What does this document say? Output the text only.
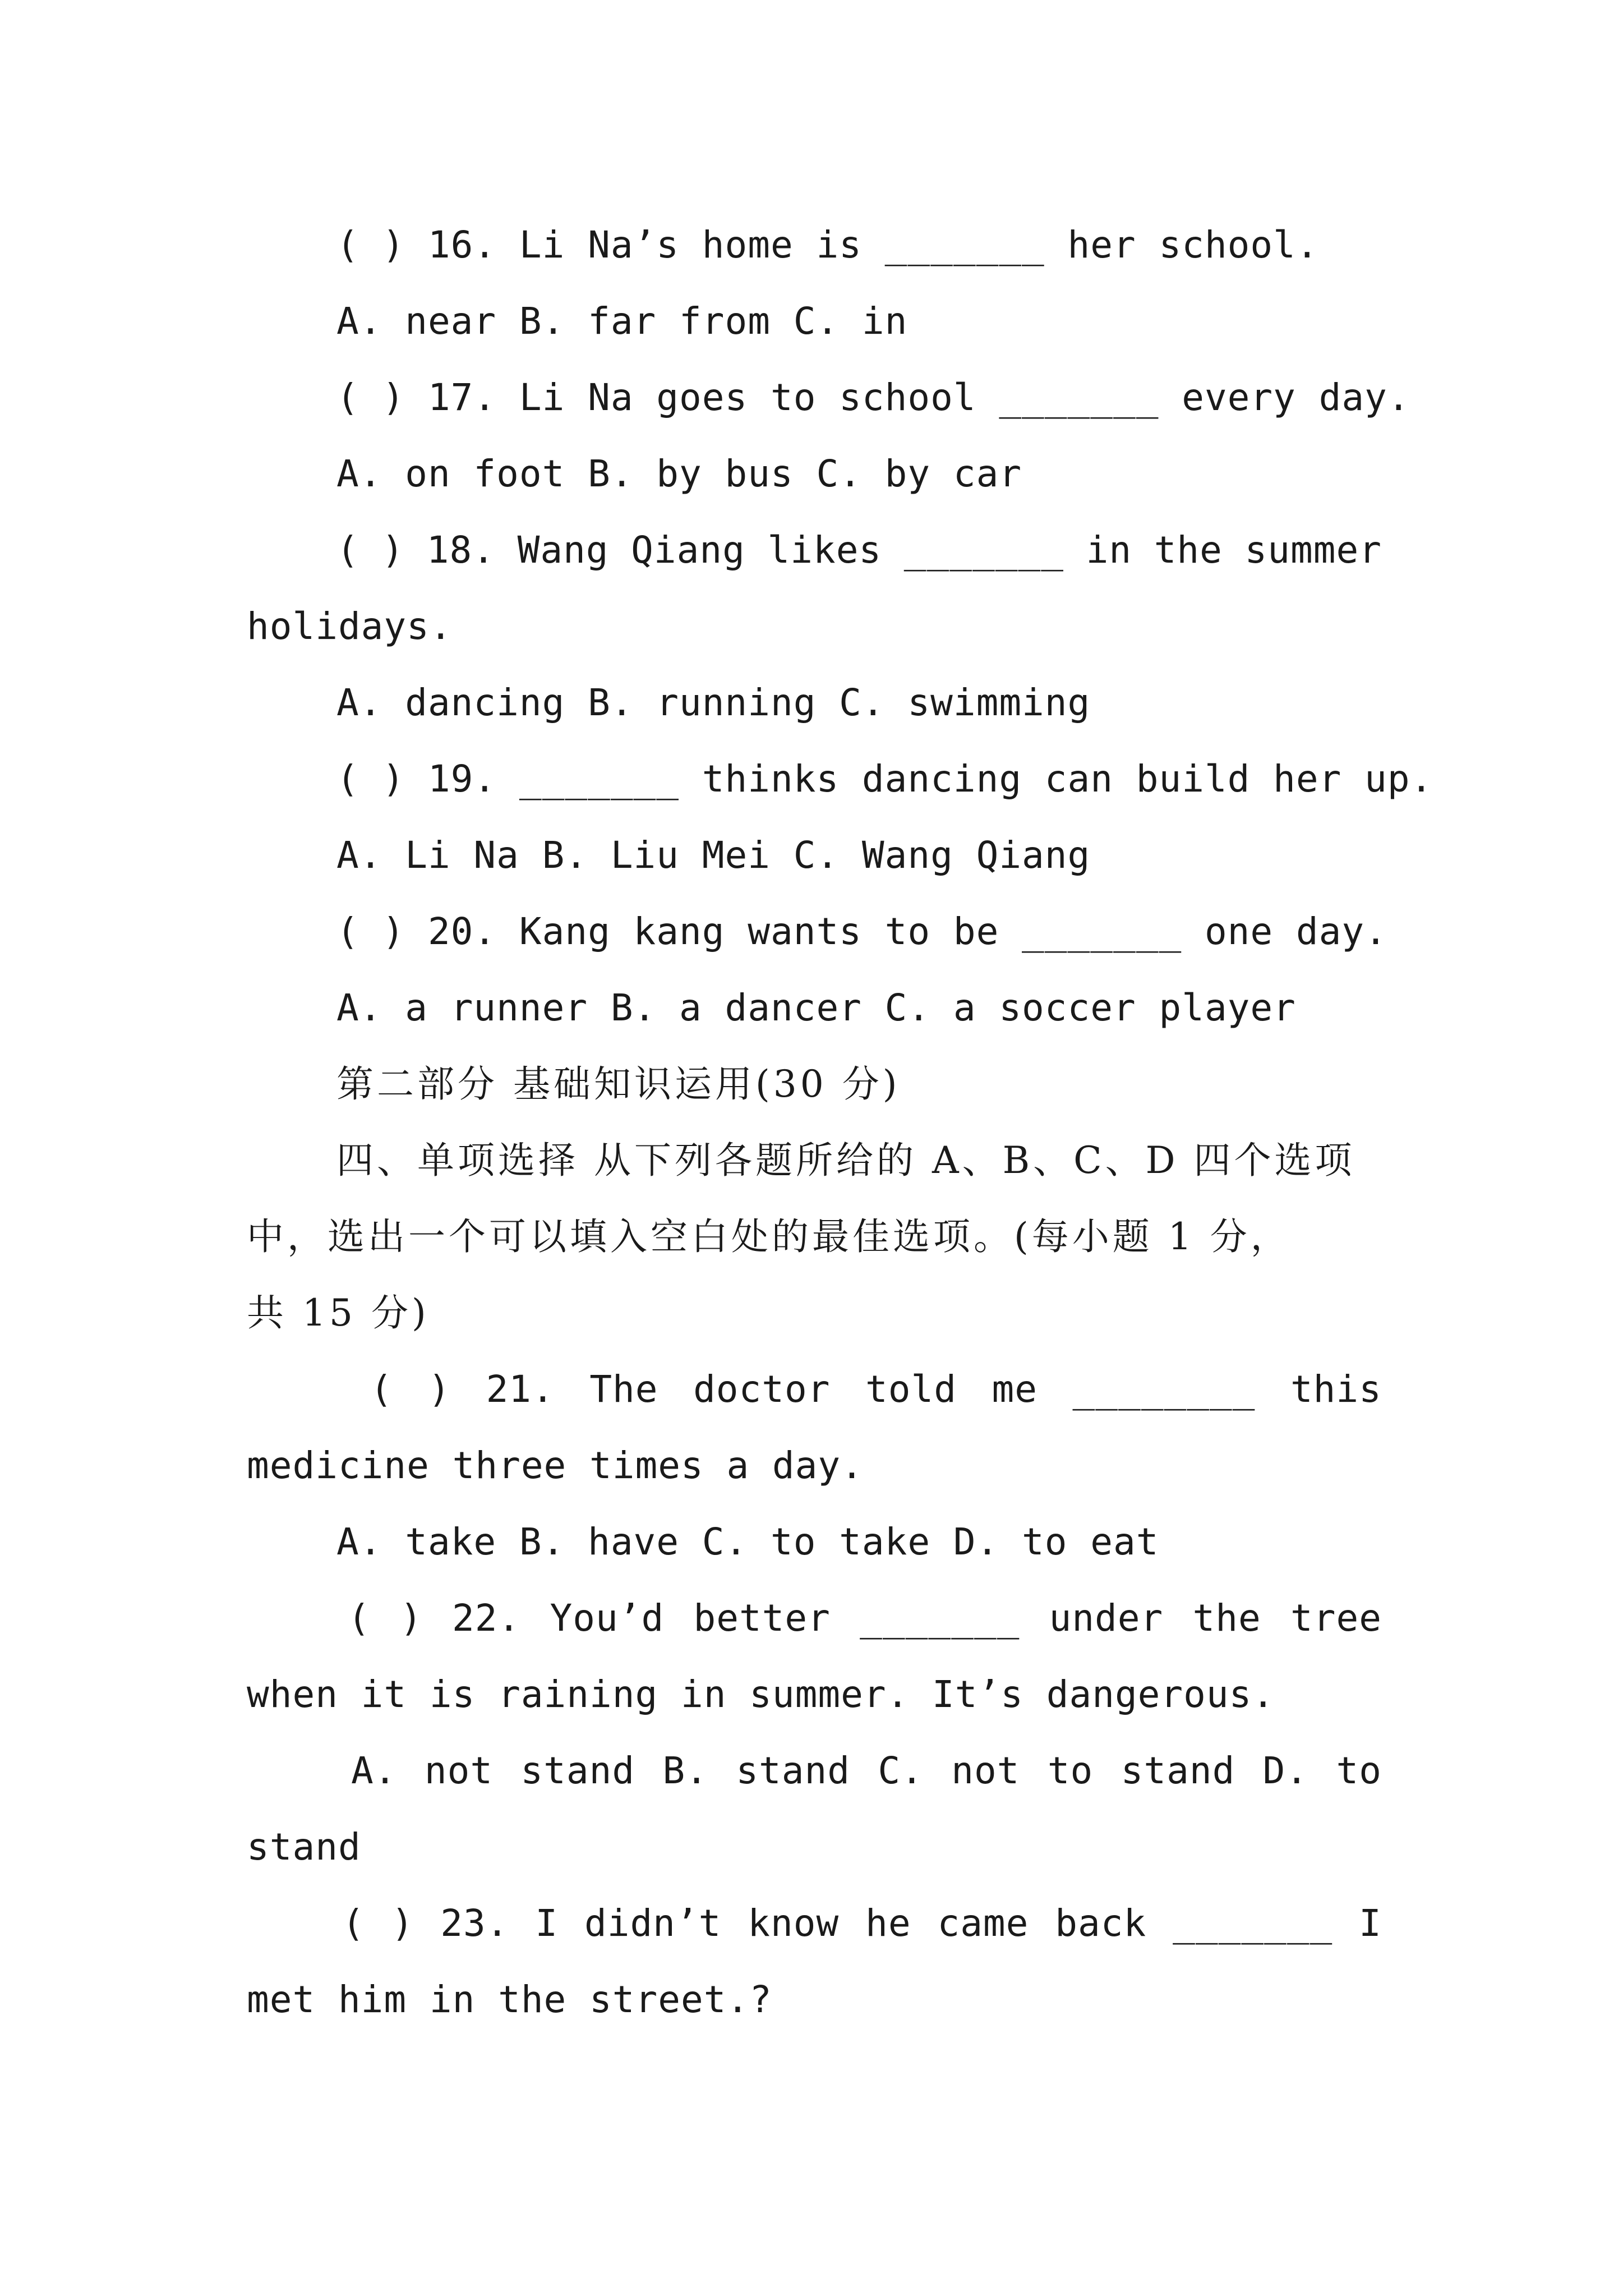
( ) 16. Li Na’s home is _______ her school.
A. near B. far from C. in
( ) 17. Li Na goes to school _______ every day.
A. on foot B. by bus C. by car
( ) 18. Wang Qiang likes _______ in the summer
holidays.
A. dancing B. running C. swimming
( ) 19. _______ thinks dancing can build her up.
A. Li Na B. Liu Mei C. Wang Qiang
( ) 20. Kang kang wants to be _______ one day.
A. a runner B. a dancer C. a soccer player
第二部分 基础知识运用(30 分)
四、单项选择 从下列各题所给的 A、B、C、D 四个选项
中，选出一个可以填入空白处的最佳选项。(每小题 1 分，
共 15 分)
( ) 21. The doctor told me ________ this
medicine three times a day.
A. take B. have C. to take D. to eat
( ) 22. You’d better _______ under the tree
when it is raining in summer. It’s dangerous.
A. not stand B. stand C. not to stand D. to
stand
( ) 23. I didn’t know he came back _______ I
met him in the street.?
